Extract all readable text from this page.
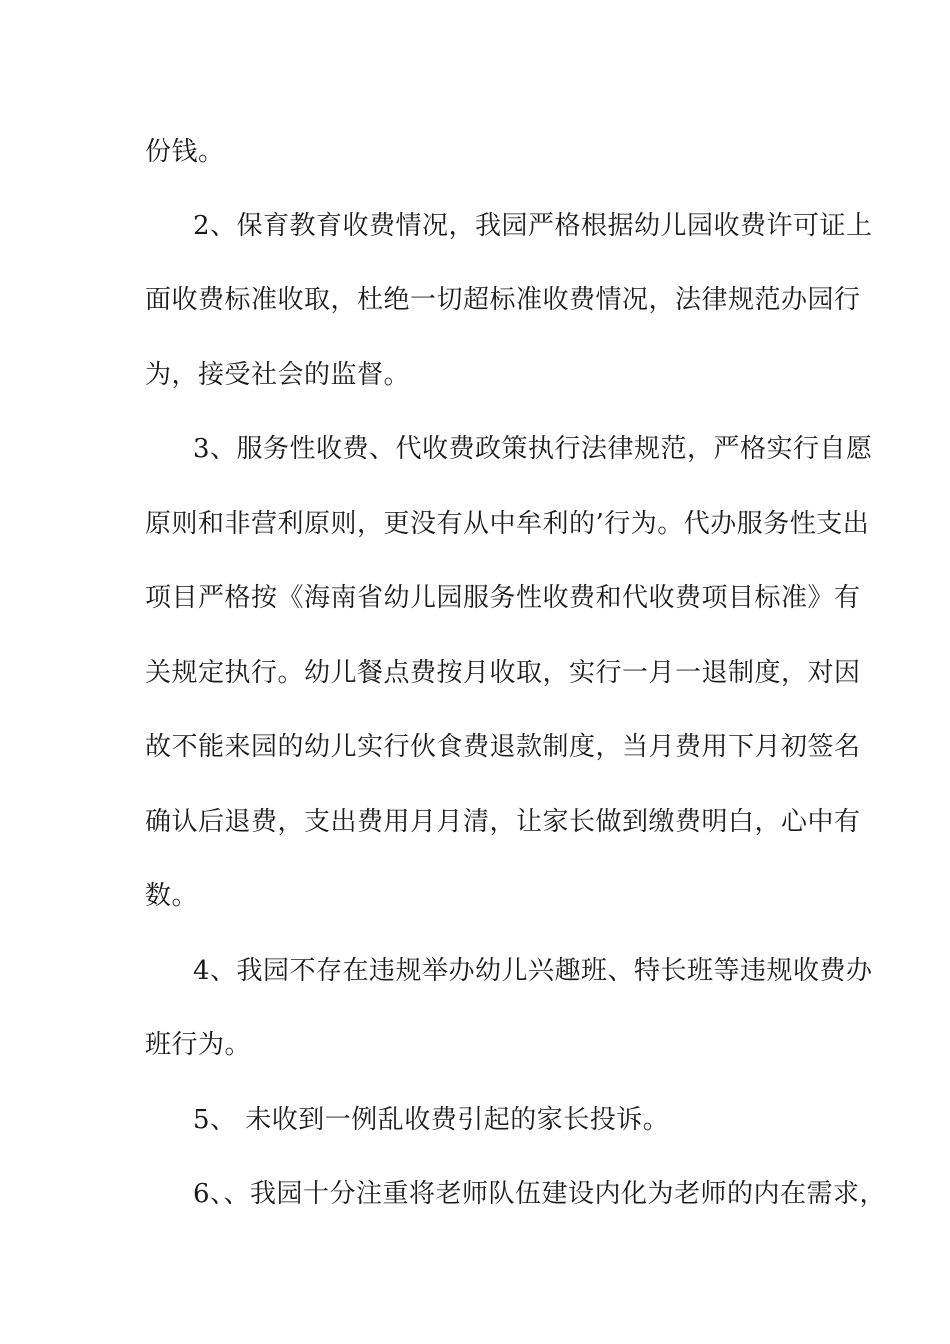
份钱。
2、保育教育收费情况，我园严格根据幼儿园收费许可证上
面收费标准收取，杜绝一切超标准收费情况，法律规范办园行
为，接受社会的监督。
3、服务性收费、代收费政策执行法律规范，严格实行自愿
原则和非营利原则，更没有从中牟利的’行为。代办服务性支出
项目严格按《海南省幼儿园服务性收费和代收费项目标准》有
关规定执行。幼儿餐点费按月收取，实行一月一退制度，对因
故不能来园的幼儿实行伙食费退款制度，当月费用下月初签名
确认后退费，支出费用月月清，让家长做到缴费明白，心中有
数。
4、我园不存在违规举办幼儿兴趣班、特长班等违规收费办
班行为。
5、 未收到一例乱收费引起的家长投诉。
6、、我园十分注重将老师队伍建设内化为老师的内在需求，
